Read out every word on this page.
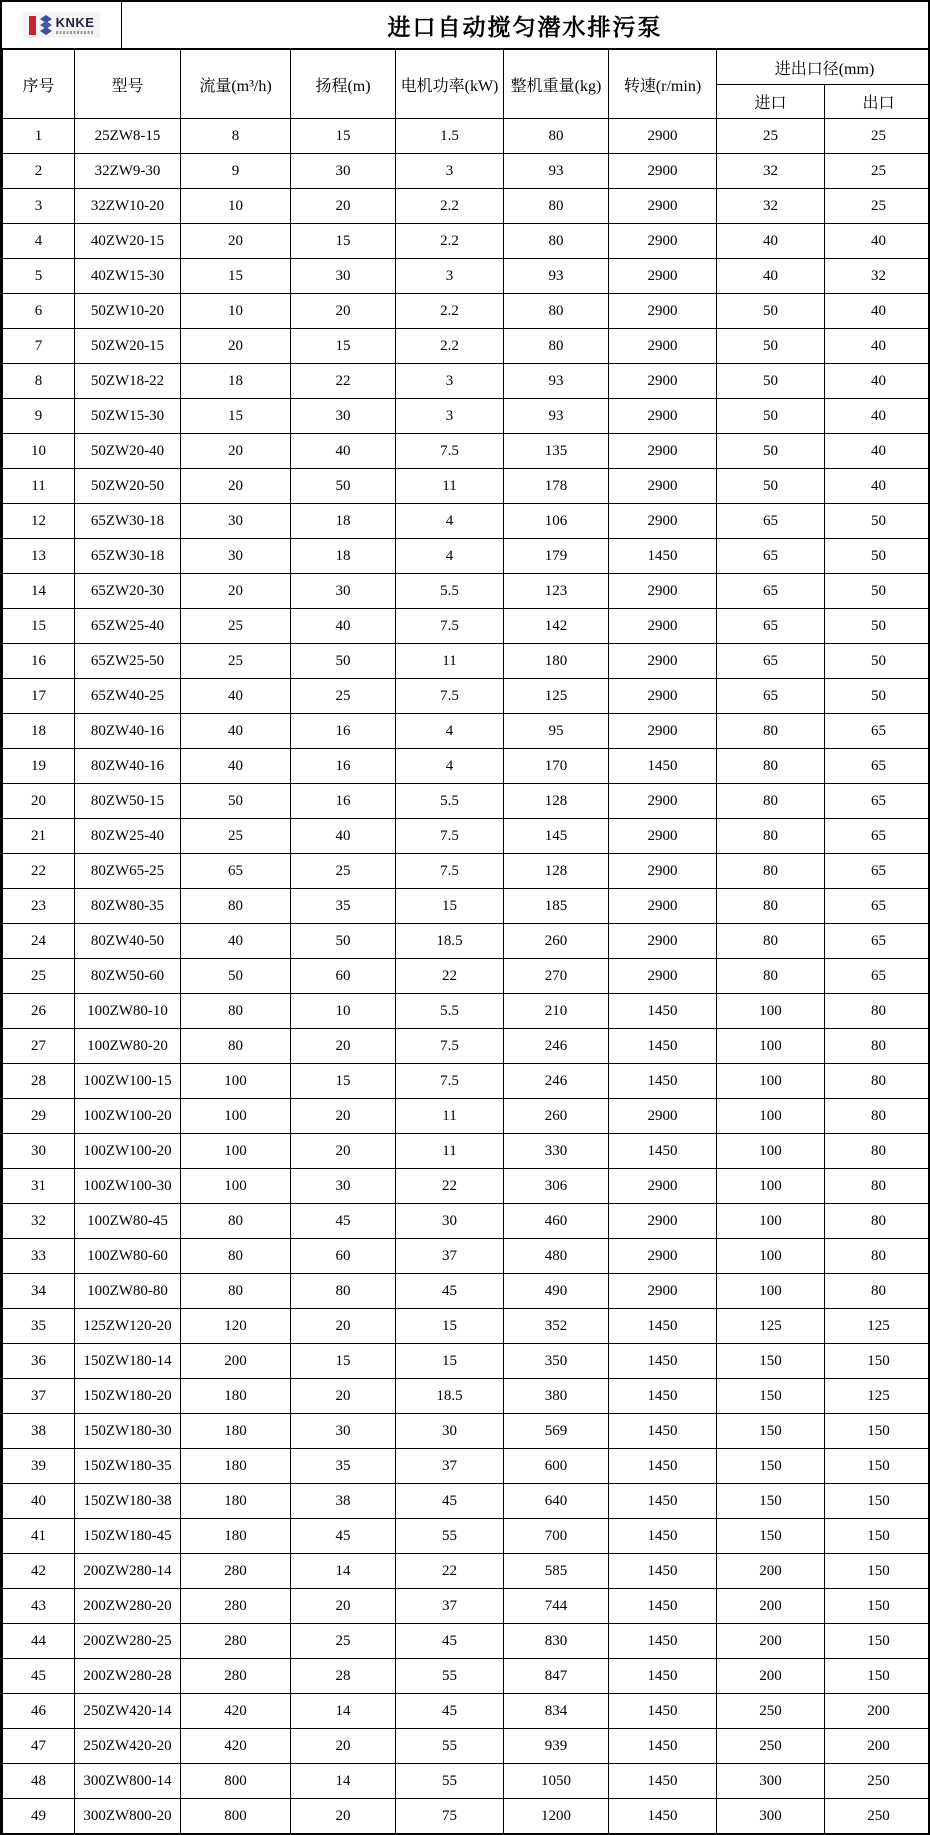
KNKE	进口自动搅匀潜水排污泵
序号	型号	流量(m³/h)	扬程(m)	电机功率(kW)	整机重量(kg)	转速(r/min)	进出口径(mm)	
							进口	出口
1	25ZW8-15	8	15	1.5	80	2900	25	25
2	32ZW9-30	9	30	3	93	2900	32	25
3	32ZW10-20	10	20	2.2	80	2900	32	25
4	40ZW20-15	20	15	2.2	80	2900	40	40
5	40ZW15-30	15	30	3	93	2900	40	32
6	50ZW10-20	10	20	2.2	80	2900	50	40
7	50ZW20-15	20	15	2.2	80	2900	50	40
8	50ZW18-22	18	22	3	93	2900	50	40
9	50ZW15-30	15	30	3	93	2900	50	40
10	50ZW20-40	20	40	7.5	135	2900	50	40
11	50ZW20-50	20	50	11	178	2900	50	40
12	65ZW30-18	30	18	4	106	2900	65	50
13	65ZW30-18	30	18	4	179	1450	65	50
14	65ZW20-30	20	30	5.5	123	2900	65	50
15	65ZW25-40	25	40	7.5	142	2900	65	50
16	65ZW25-50	25	50	11	180	2900	65	50
17	65ZW40-25	40	25	7.5	125	2900	65	50
18	80ZW40-16	40	16	4	95	2900	80	65
19	80ZW40-16	40	16	4	170	1450	80	65
20	80ZW50-15	50	16	5.5	128	2900	80	65
21	80ZW25-40	25	40	7.5	145	2900	80	65
22	80ZW65-25	65	25	7.5	128	2900	80	65
23	80ZW80-35	80	35	15	185	2900	80	65
24	80ZW40-50	40	50	18.5	260	2900	80	65
25	80ZW50-60	50	60	22	270	2900	80	65
26	100ZW80-10	80	10	5.5	210	1450	100	80
27	100ZW80-20	80	20	7.5	246	1450	100	80
28	100ZW100-15	100	15	7.5	246	1450	100	80
29	100ZW100-20	100	20	11	260	2900	100	80
30	100ZW100-20	100	20	11	330	1450	100	80
31	100ZW100-30	100	30	22	306	2900	100	80
32	100ZW80-45	80	45	30	460	2900	100	80
33	100ZW80-60	80	60	37	480	2900	100	80
34	100ZW80-80	80	80	45	490	2900	100	80
35	125ZW120-20	120	20	15	352	1450	125	125
36	150ZW180-14	200	15	15	350	1450	150	150
37	150ZW180-20	180	20	18.5	380	1450	150	125
38	150ZW180-30	180	30	30	569	1450	150	150
39	150ZW180-35	180	35	37	600	1450	150	150
40	150ZW180-38	180	38	45	640	1450	150	150
41	150ZW180-45	180	45	55	700	1450	150	150
42	200ZW280-14	280	14	22	585	1450	200	150
43	200ZW280-20	280	20	37	744	1450	200	150
44	200ZW280-25	280	25	45	830	1450	200	150
45	200ZW280-28	280	28	55	847	1450	200	150
46	250ZW420-14	420	14	45	834	1450	250	200
47	250ZW420-20	420	20	55	939	1450	250	200
48	300ZW800-14	800	14	55	1050	1450	300	250
49	300ZW800-20	800	20	75	1200	1450	300	250
